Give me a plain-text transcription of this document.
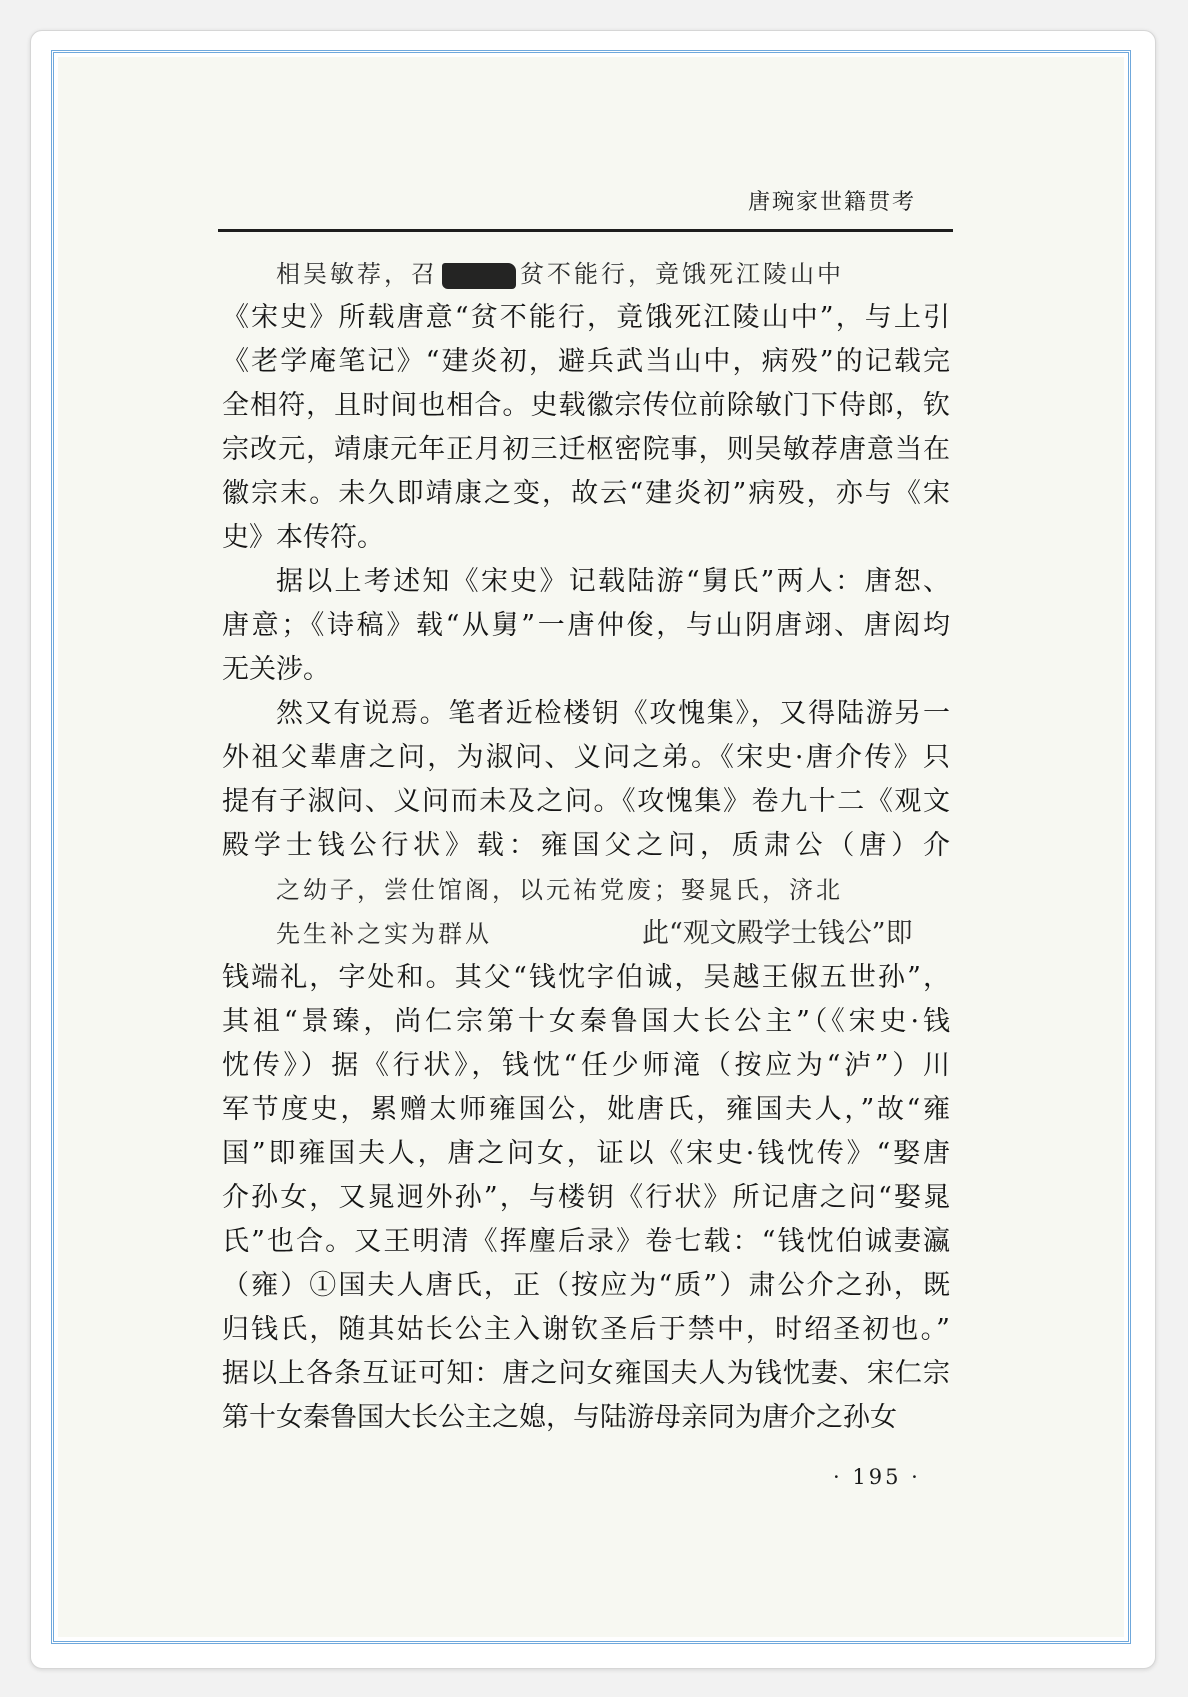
唐琬家世籍贯考
相吴敏荐，召	贫不能行，竟饿死江陵山中
《宋史》所载唐意“贫不能行，竟饿死江陵山中”，与上引
《老学庵笔记》“建炎初，避兵武当山中，病殁”的记载完
全相符，且时间也相合。史载徽宗传位前除敏门下侍郎，钦
宗改元，靖康元年正月初三迁枢密院事，则吴敏荐唐意当在
徽宗末。未久即靖康之变，故云“建炎初”病殁，亦与《宋
史》本传符。
据以上考述知《宋史》记载陆游“舅氏”两人：唐恕、
唐意；《诗稿》载“从舅”一唐仲俊，与山阴唐翊、唐闳均
无关涉。
然又有说焉。笔者近检楼钥《攻愧集》，又得陆游另一
外祖父辈唐之问，为淑问、义问之弟。《宋史·唐介传》只
提有子淑问、义问而未及之问。《攻愧集》卷九十二《观文
殿学士钱公行状》载：雍国父之问，质肃公（唐）介
之幼子，尝仕馆阁，以元祐党废；娶晁氏，济北
先生补之实为群从	此“观文殿学士钱公”即
钱端礼，字处和。其父“钱忱字伯诚，吴越王俶五世孙”，
其祖“景臻，尚仁宗第十女秦鲁国大长公主”（《宋史·钱
忱传》）据《行状》，钱忱“任少师滝（按应为“泸”）川
军节度史，累赠太师雍国公，妣唐氏，雍国夫人，”故“雍
国”即雍国夫人，唐之问女，证以《宋史·钱忱传》“娶唐
介孙女，又晁迥外孙”，与楼钥《行状》所记唐之问“娶晁
氏”也合。又王明清《挥麈后录》卷七载：“钱忱伯诚妻瀛
（雍）①国夫人唐氏，正（按应为“质”）肃公介之孙，既
归钱氏，随其姑长公主入谢钦圣后于禁中，时绍圣初也。”
据以上各条互证可知：唐之问女雍国夫人为钱忱妻、宋仁宗
第十女秦鲁国大长公主之媳，与陆游母亲同为唐介之孙女
· 195 ·
